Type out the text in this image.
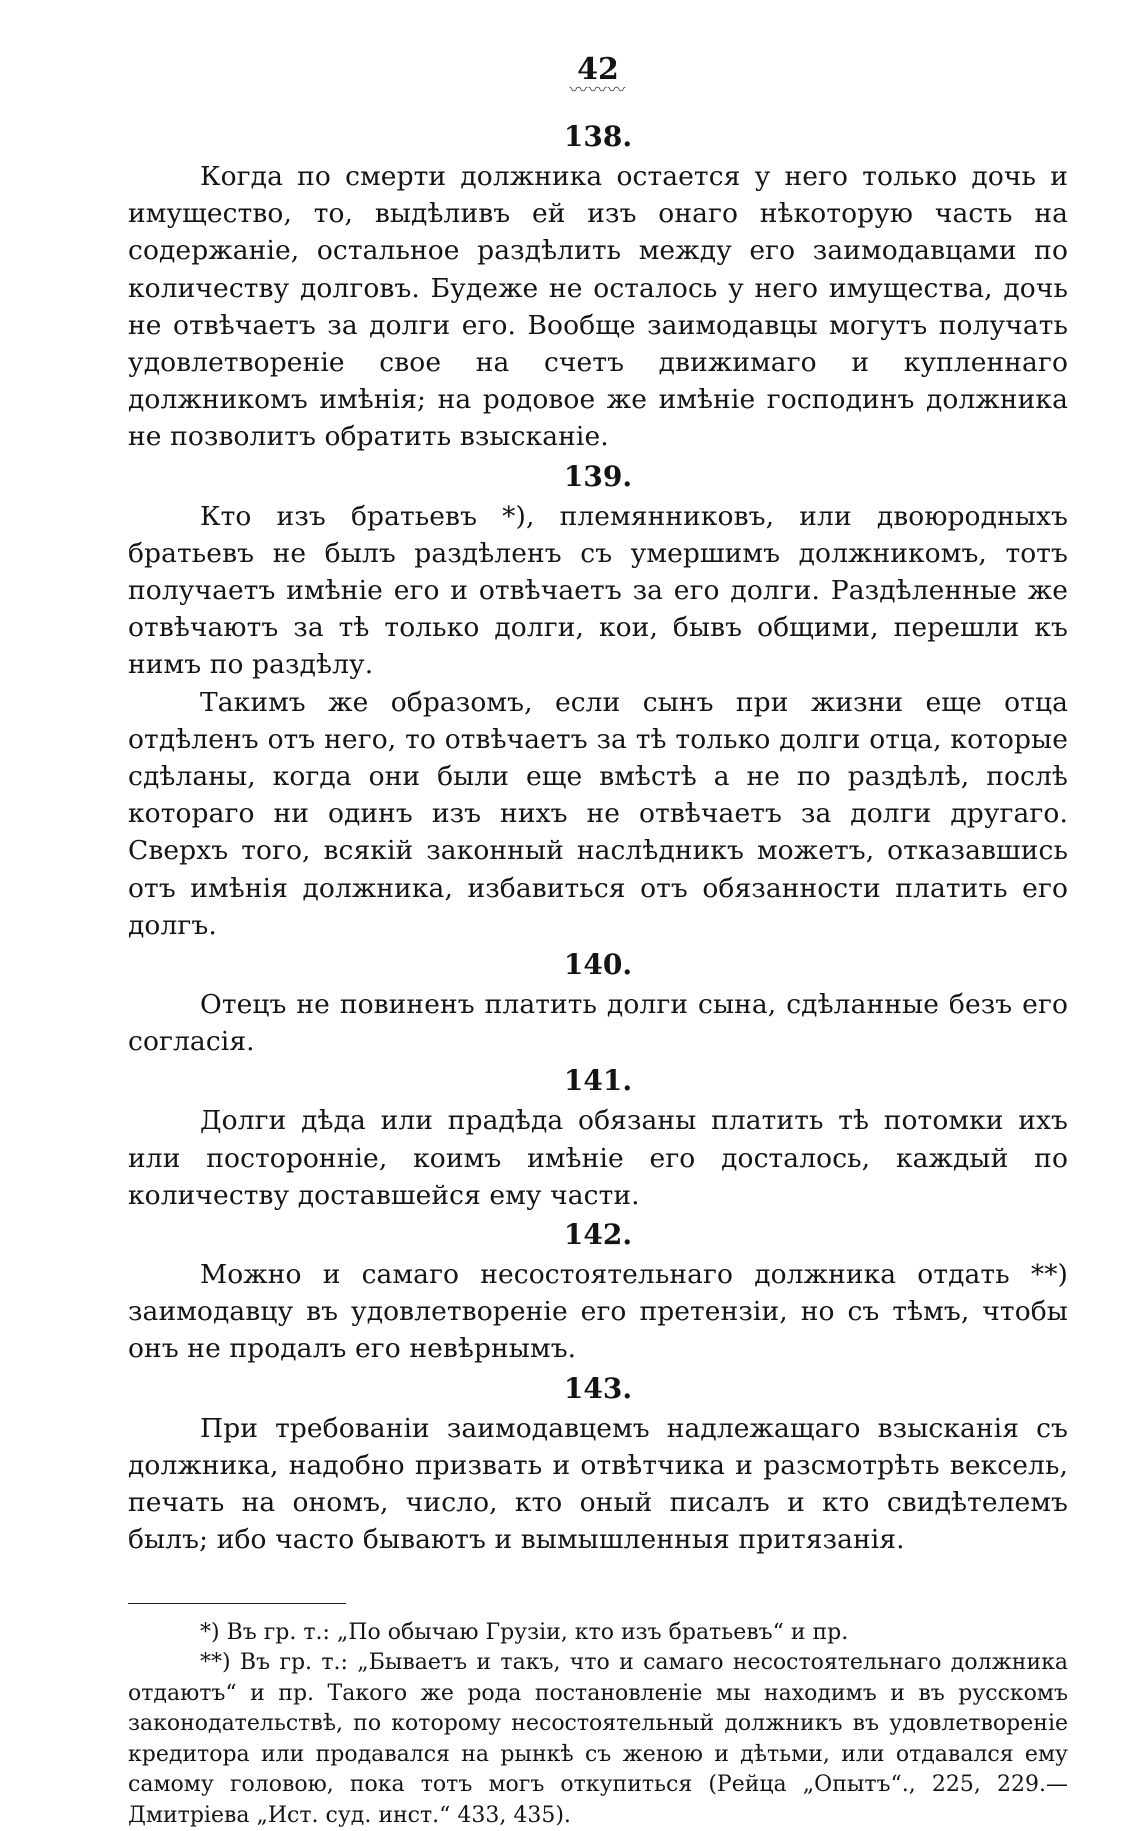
42
〰〰〰
138.

Когда по смерти должника остается у него только дочь и имущество, то, выдѣливъ ей изъ онаго нѣкоторую часть на содержаніе, остальное раздѣлить между его заимодавцами по количеству долговъ. Будеже не осталось у него имущества, дочь не отвѣчаетъ за долги его. Вообще заимодавцы могутъ получать удовлетвореніе свое на счетъ движимаго и купленнаго должникомъ имѣнія; на родовое же имѣніе господинъ должника не позволитъ обратить взысканіе.

139.

Кто изъ братьевъ *), племянниковъ, или двоюродныхъ братьевъ не былъ раздѣленъ съ умершимъ должникомъ, тотъ получаетъ имѣніе его и отвѣчаетъ за его долги. Раздѣленные же отвѣчаютъ за тѣ только долги, кои, бывъ общими, перешли къ нимъ по раздѣлу.

Такимъ же образомъ, если сынъ при жизни еще отца отдѣленъ отъ него, то отвѣчаетъ за тѣ только долги отца, которые сдѣланы, когда они были еще вмѣстѣ а не по раздѣлѣ, послѣ котораго ни одинъ изъ нихъ не отвѣчаетъ за долги другаго. Сверхъ того, всякій законный наслѣдникъ можетъ, отказавшись отъ имѣнія должника, избавиться отъ обязанности платить его долгъ.

140.

Отецъ не повиненъ платить долги сына, сдѣланные безъ его согласія.

141.

Долги дѣда или прадѣда обязаны платить тѣ потомки ихъ или посторонніе, коимъ имѣніе его досталось, каждый по количеству доставшейся ему части.

142.

Можно и самаго несостоятельнаго должника отдать **) заимодавцу въ удовлетвореніе его претензіи, но съ тѣмъ, чтобы онъ не продалъ его невѣрнымъ.

143.

При требованіи заимодавцемъ надлежащаго взысканія съ должника, надобно призвать и отвѣтчика и разсмотрѣть вексель, печать на ономъ, число, кто оный писалъ и кто свидѣтелемъ былъ; ибо часто бываютъ и вымышленныя притязанія.

*) Въ гр. т.: „По обычаю Грузіи, кто изъ братьевъ“ и пр.

**) Въ гр. т.: „Бываетъ и такъ, что и самаго несостоятельнаго должника отдаютъ“ и пр. Такого же рода постановленіе мы находимъ и въ русскомъ законодательствѣ, по которому несостоятельный должникъ въ удовлетвореніе кредитора или продавался на рынкѣ съ женою и дѣтьми, или отдавался ему самому головою, пока тотъ могъ откупиться (Рейца „Опытъ“., 225, 229.—Дмитріева „Ист. суд. инст.“ 433, 435).
